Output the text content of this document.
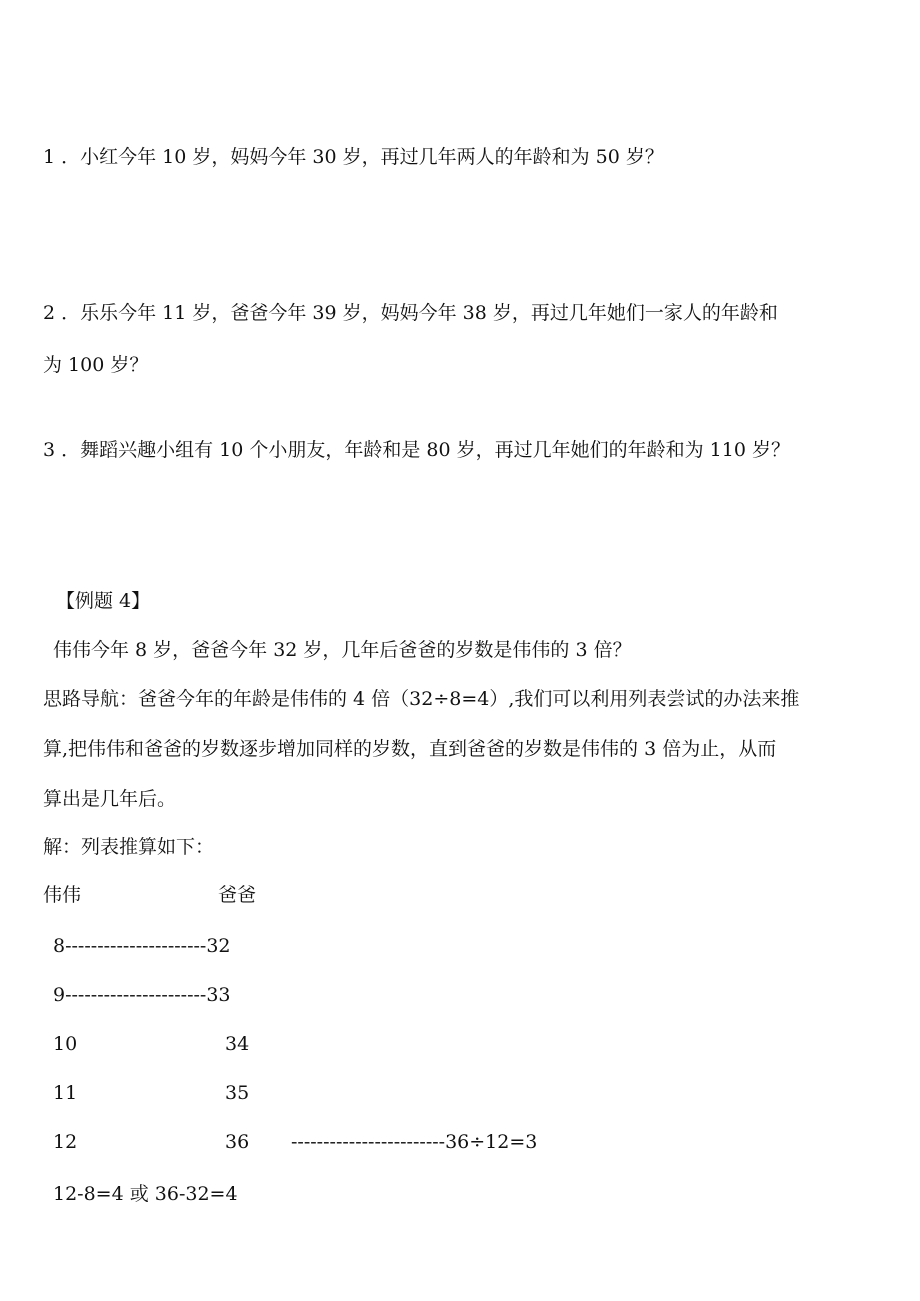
1 ．小红今年 10 岁，妈妈今年 30 岁，再过几年两人的年龄和为 50 岁？
2 ．乐乐今年 11 岁，爸爸今年 39 岁，妈妈今年 38 岁，再过几年她们一家人的年龄和
为 100 岁？
3 ．舞蹈兴趣小组有 10 个小朋友，年龄和是 80 岁，再过几年她们的年龄和为 110 岁？
【例题 4】
伟伟今年 8 岁，爸爸今年 32 岁，几年后爸爸的岁数是伟伟的 3 倍？
思路导航：爸爸今年的年龄是伟伟的 4 倍（32÷8=4）,我们可以利用列表尝试的办法来推
算,把伟伟和爸爸的岁数逐步增加同样的岁数，直到爸爸的岁数是伟伟的 3 倍为止，从而
算出是几年后。
解：列表推算如下：
伟伟	爸爸
8----------------------32
9----------------------33
10	34
11	35
12	36 ------------------------36÷12=3
12-8=4 或 36-32=4
